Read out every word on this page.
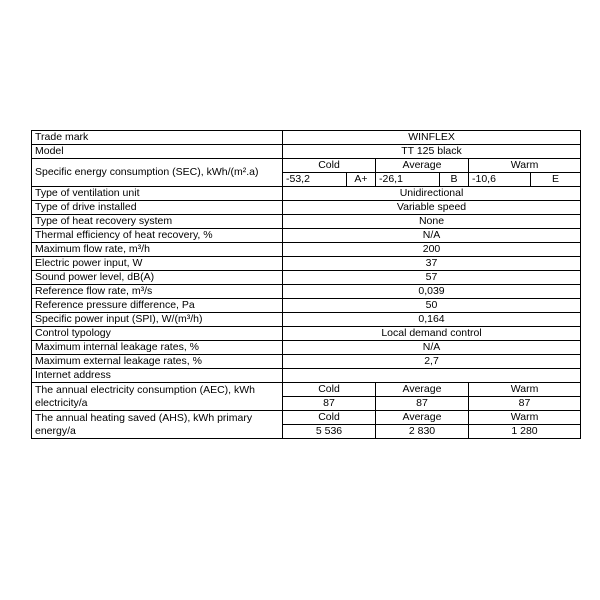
Trade mark	WINFLEX					
Model	TT 125 black					
Specific energy consumption (SEC), kWh/(m².a)	Cold		Average		Warm	
	-53,2	A+	-26,1	B	-10,6	E
Type of ventilation unit	Unidirectional					
Type of drive installed	Variable speed					
Type of heat recovery system	None					
Thermal efficiency of heat recovery, %	N/A					
Maximum flow rate, m³/h	200					
Electric power input, W	37					
Sound power level, dB(A)	57					
Reference flow rate, m³/s	0,039					
Reference pressure difference, Pa	50					
Specific power input (SPI), W/(m³/h)	0,164					
Control typology	Local demand control					
Maximum internal leakage rates, %	N/A					
Maximum external leakage rates, %	2,7					
Internet address						
The annual electricity consumption (AEC), kWh electricity/a	Cold		Average		Warm	
	87		87		87	
The annual heating saved (AHS), kWh primary energy/a	Cold		Average		Warm	
	5 536		2 830		1 280	
